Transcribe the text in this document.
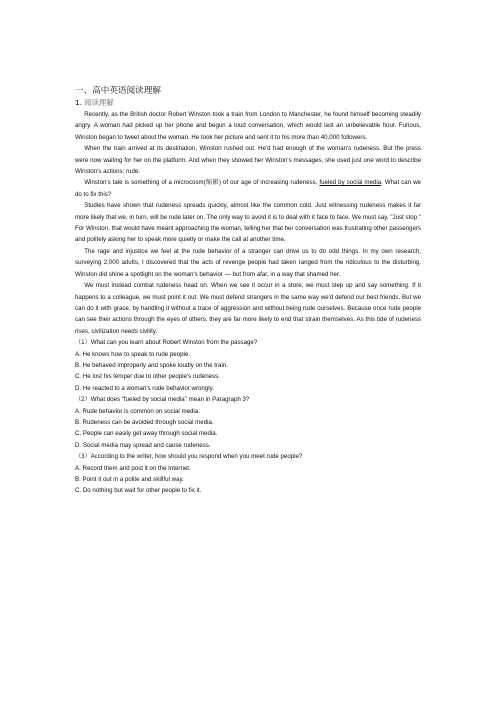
一、高中英语阅读理解
1. 阅读理解

Recently, as the British doctor Robert Winston took a train from London to Manchester, he found himself becoming steadily angry. A woman had picked up her phone and begun a loud conversation, which would last an unbelievable hour. Furious, Winston began to tweet about the woman. He took her picture and sent it to his more than 40,000 followers.

When the train arrived at its destination, Winston rushed out. He'd had enough of the woman's rudeness. But the press were now waiting for her on the platform. And when they showed her Winston's messages, she used just one word to describe Winston's actions: rude.

Winston's tale is something of a microcosm(缩影) of our age of increasing rudeness, fueled by social media. What can we do to fix this?

Studies have shown that rudeness spreads quickly, almost like the common cold. Just witnessing rudeness makes it far more likely that we, in turn, will be rude later on. The only way to avoid it is to deal with it face to face. We must say, "Just stop." For Winston, that would have meant approaching the woman, telling her that her conversation was frustrating other passengers and politely asking her to speak more quietly or make the call at another time.

The rage and injustice we feel at the rude behavior of a stranger can drive us to do odd things. In my own research, surveying 2,000 adults, I discovered that the acts of revenge people had taken ranged from the ridiculous to the disturbing. Winston did shine a spotlight on the woman's behavior — but from afar, in a way that shamed her.

We must instead combat rudeness head on. When we see it occur in a store, we must step up and say something. If it happens to a colleague, we must point it out. We must defend strangers in the same way we'd defend our best friends. But we can do it with grace, by handling it without a trace of aggression and without being rude ourselves. Because once rude people can see their actions through the eyes of others, they are far more likely to end that strain themselves. As this tide of rudeness rises, civilization needs civility.

（1）What can you learn about Robert Winston from the passage?

A. He knows how to speak to rude people.

B. He behaved improperly and spoke loudly on the train.

C. He lost his temper due to other people's rudeness.

D. He reacted to a woman's rude behavior wrongly.

（2）What does "fueled by social media" mean in Paragraph 3?

A. Rude behavior is common on social media.

B. Rudeness can be avoided through social media.

C. People can easily get away through social media.

D. Social media may spread and cause rudeness.

（3）According to the writer, how should you respond when you meet rude people?

A. Record them and post it on the Internet.

B. Point it out in a polite and skillful way.

C. Do nothing but wait for other people to fix it.
